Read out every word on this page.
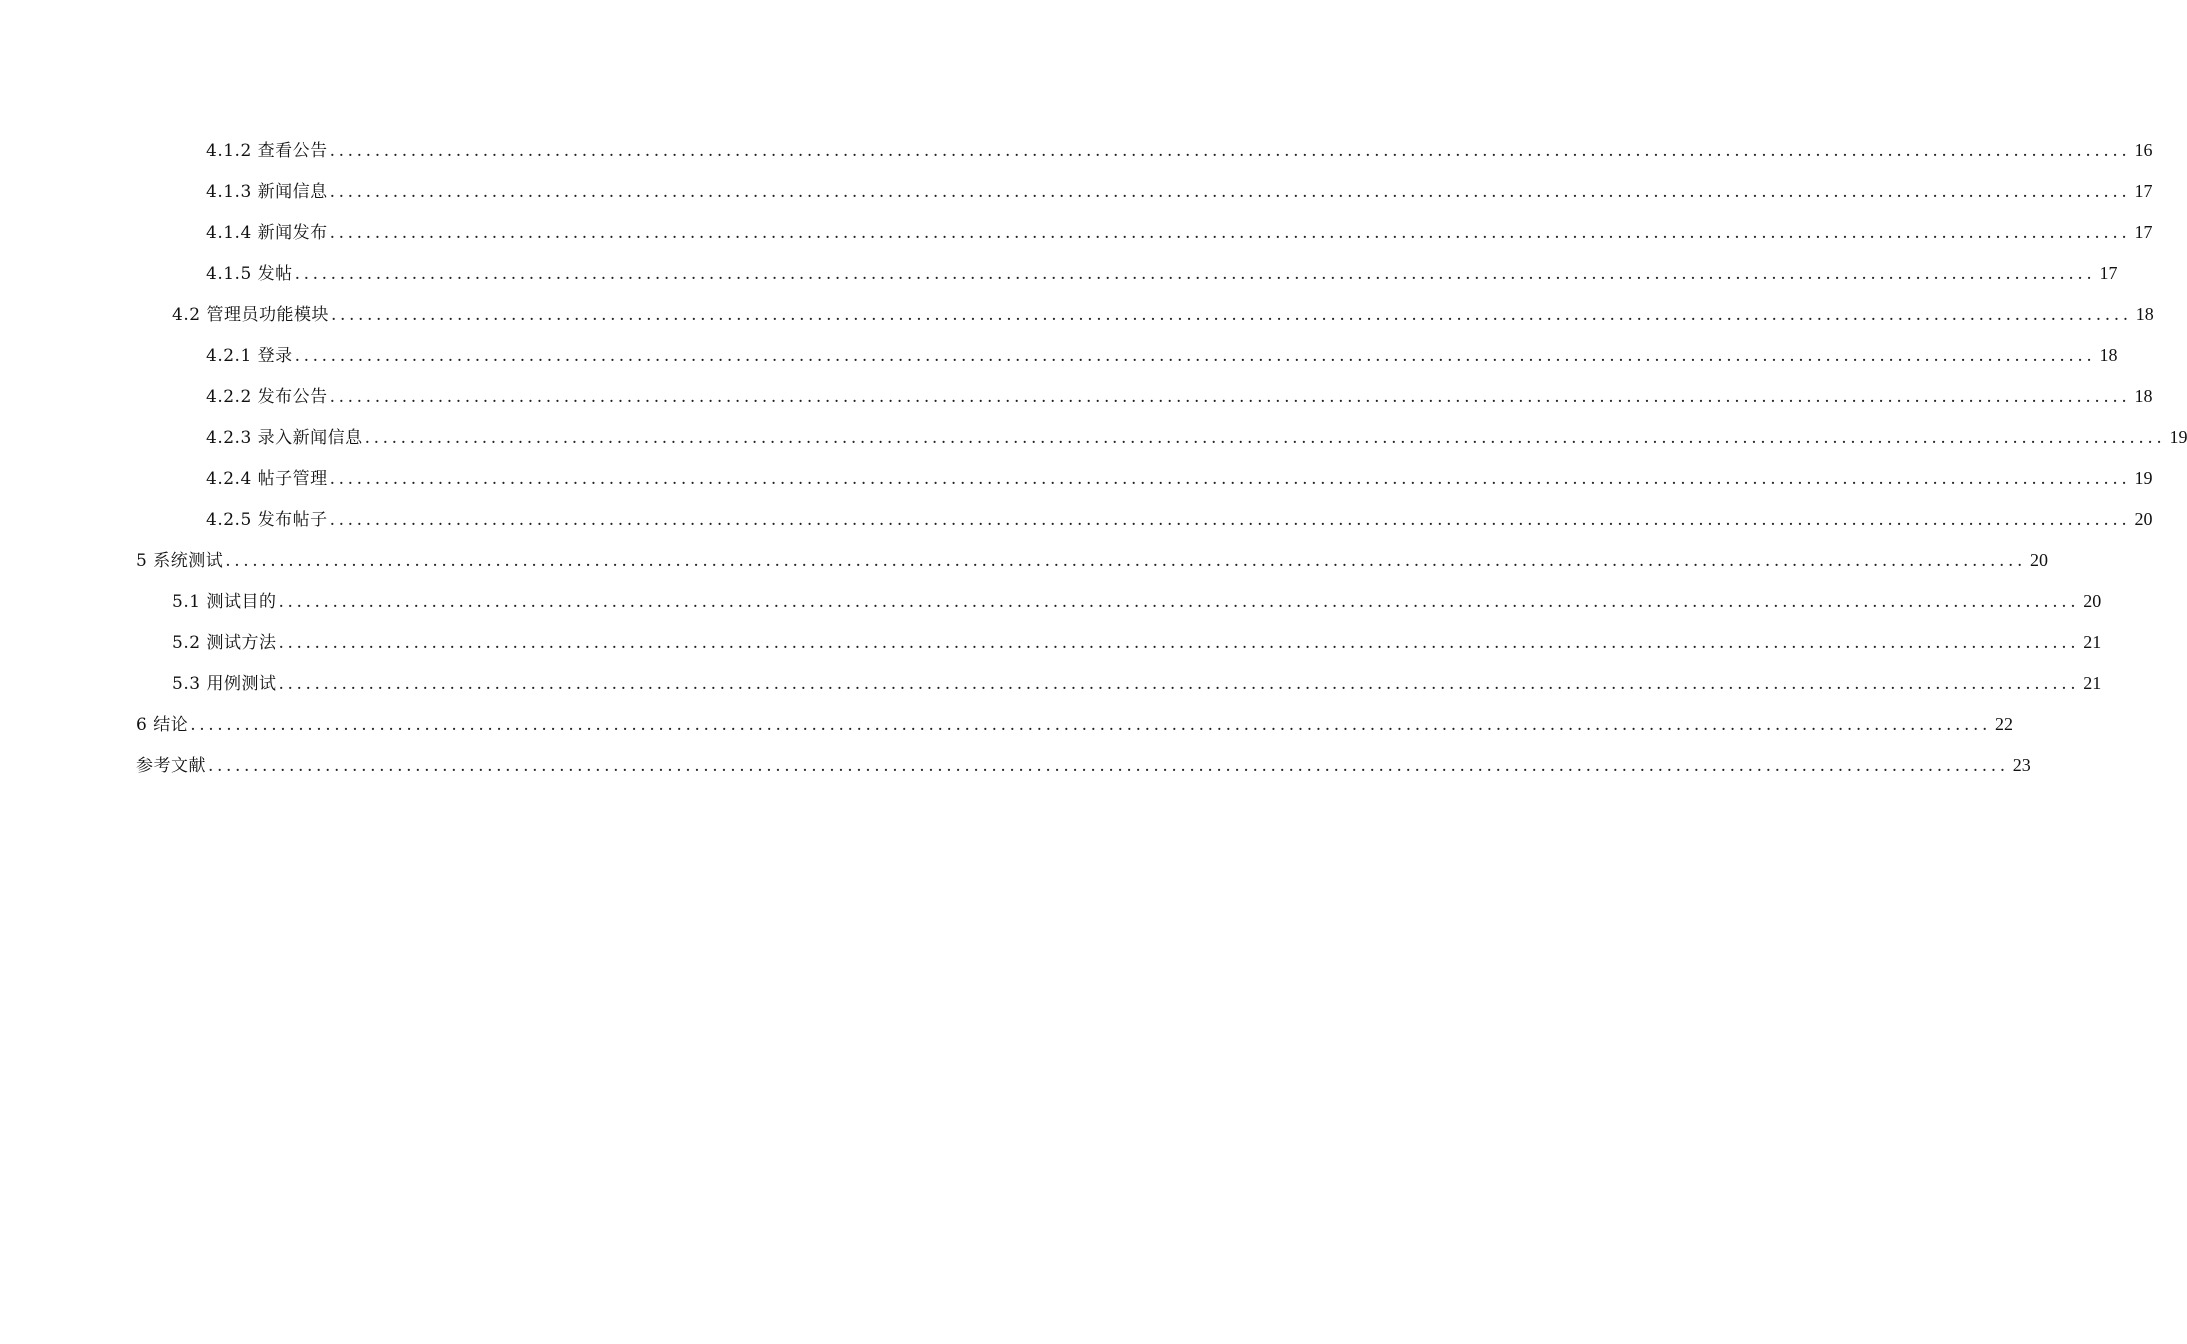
4.1.2 查看公告 ........................................................................................................................................................................................................ 16
4.1.3 新闻信息 ........................................................................................................................................................................................................ 17
4.1.4 新闻发布 ........................................................................................................................................................................................................ 17
4.1.5 发帖 ........................................................................................................................................................................................................ 17
4.2 管理员功能模块 ........................................................................................................................................................................................................ 18
4.2.1 登录 ........................................................................................................................................................................................................ 18
4.2.2 发布公告 ........................................................................................................................................................................................................ 18
4.2.3 录入新闻信息 ........................................................................................................................................................................................................ 19
4.2.4 帖子管理 ........................................................................................................................................................................................................ 19
4.2.5 发布帖子 ........................................................................................................................................................................................................ 20
5 系统测试 ........................................................................................................................................................................................................ 20
5.1 测试目的 ........................................................................................................................................................................................................ 20
5.2 测试方法 ........................................................................................................................................................................................................ 21
5.3 用例测试 ........................................................................................................................................................................................................ 21
6 结论 ........................................................................................................................................................................................................ 22
参考文献 ........................................................................................................................................................................................................ 23
